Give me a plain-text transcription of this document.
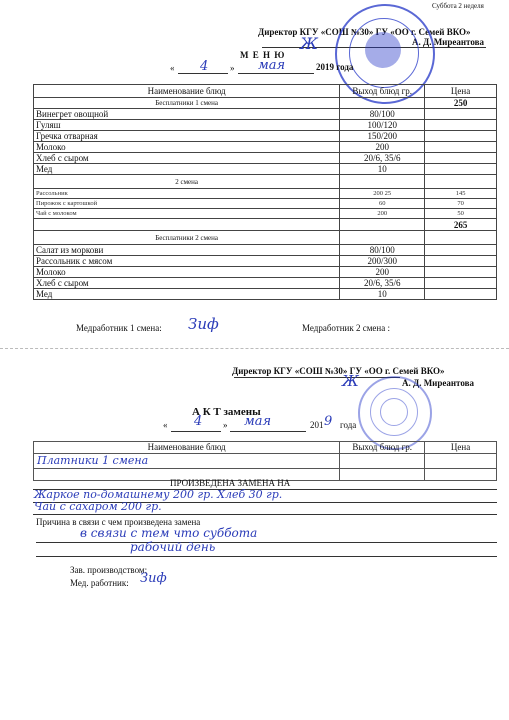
Суббота 2 неделя
Директор КГУ «СОШ №30» ГУ «ОО г. Семей ВКО»
А. Д. Миреантова
Ж
М Е Н Ю
« 4 » мая	2019 года
Наименование блюд	Выход блюд гр.	Цена
Бесплатники 1 смена		250
Винегрет овощной	80/100	
Гуляш	100/120	
Гречка отварная	150/200	
Молоко	200	
Хлеб с сыром	20/6, 35/6	
Мед	10	
2 смена		
Рассольник	200 25	145
Пирожок с картошкой	60	70
Чай с молоком	200	50
		265
Бесплатники 2 смена		
Салат из моркови	80/100	
Рассольник с мясом	200/300	
Молоко	200	
Хлеб с сыром	20/6, 35/6	
Мед	10	
Медработник 1 смена: Зиф	Медработник 2 смена :
Директор КГУ «СОШ №30» ГУ «ОО г. Семей ВКО»
А. Д. Миреантова
Ж
А К Т замены
« 4 » мая	201 9 года
Наименование блюд	Выход блюд гр.	Цена
Платники 1 смена		

ПРОИЗВЕДЕНА ЗАМЕНА НА
Жаркое по-домашнему 200 гр. Хлеб 30 гр.
Чай с сахаром 200 гр.
Причина в связи с чем произведена замена
в связи с тем что суббота
рабочий день
Зав. производством:
Мед. работник: Зиф
